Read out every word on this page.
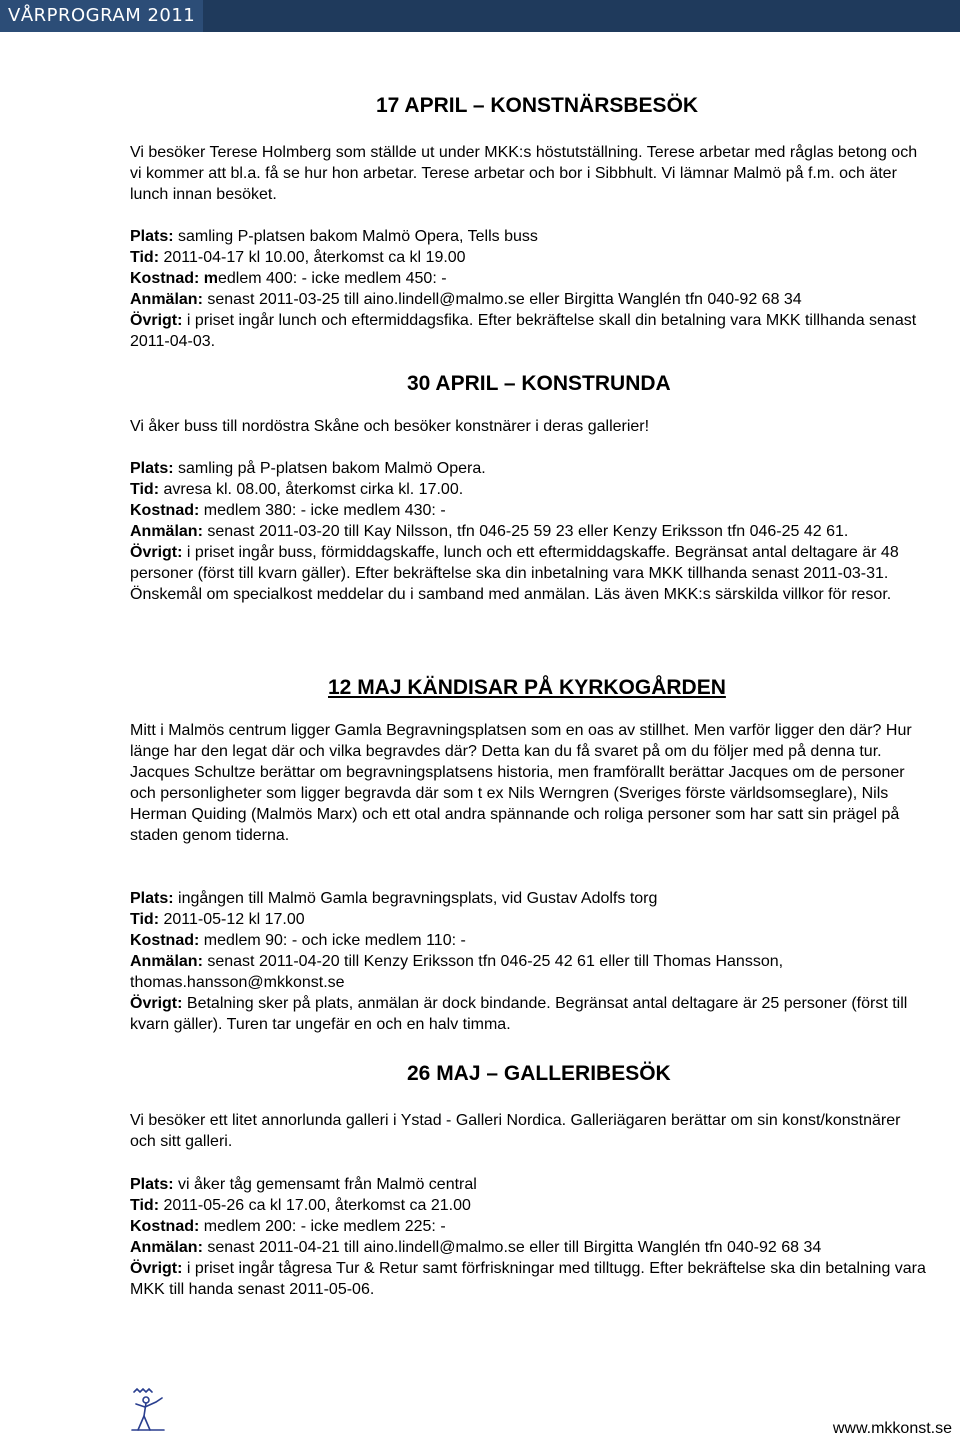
VÅRPROGRAM 2011
17 APRIL – KONSTNÄRSBESÖK

Vi besöker Terese Holmberg som ställde ut under MKK:s höstutställning. Terese arbetar med råglas betong och vi kommer att bl.a. få se hur hon arbetar. Terese arbetar och bor i Sibbhult. Vi lämnar Malmö på f.m. och äter lunch innan besöket.

Plats: samling P-platsen bakom Malmö Opera, Tells buss

Tid: 2011-04-17 kl 10.00, återkomst ca kl 19.00

Kostnad: medlem 400: - icke medlem 450: -

Anmälan: senast 2011-03-25 till aino.lindell@malmo.se eller Birgitta Wanglén tfn 040-92 68 34

Övrigt: i priset ingår lunch och eftermiddagsfika. Efter bekräftelse skall din betalning vara MKK tillhanda senast 2011-04-03.

30 APRIL – KONSTRUNDA

Vi åker buss till nordöstra Skåne och besöker konstnärer i deras gallerier!

Plats: samling på P-platsen bakom Malmö Opera.

Tid: avresa kl. 08.00, återkomst cirka kl. 17.00.

Kostnad: medlem 380: - icke medlem 430: -

Anmälan: senast 2011-03-20 till Kay Nilsson, tfn 046-25 59 23 eller Kenzy Eriksson tfn 046-25 42 61.

Övrigt: i priset ingår buss, förmiddagskaffe, lunch och ett eftermiddagskaffe. Begränsat antal deltagare är 48 personer (först till kvarn gäller). Efter bekräftelse ska din inbetalning vara MKK tillhanda senast 2011-03-31. Önskemål om specialkost meddelar du i samband med anmälan. Läs även MKK:s särskilda villkor för resor.

12 MAJ KÄNDISAR PÅ KYRKOGÅRDEN

Mitt i Malmös centrum ligger Gamla Begravningsplatsen som en oas av stillhet. Men varför ligger den där? Hur länge har den legat där och vilka begravdes där? Detta kan du få svaret på om du följer med på denna tur. Jacques Schultze berättar om begravningsplatsens historia, men framförallt berättar Jacques om de personer och personligheter som ligger begravda där som t ex Nils Werngren (Sveriges förste världsomseglare), Nils Herman Quiding (Malmös Marx) och ett otal andra spännande och roliga personer som har satt sin prägel på staden genom tiderna.

Plats: ingången till Malmö Gamla begravningsplats, vid Gustav Adolfs torg

Tid: 2011-05-12 kl 17.00

Kostnad: medlem 90: - och icke medlem 110: -

Anmälan: senast 2011-04-20 till Kenzy Eriksson tfn 046-25 42 61 eller till Thomas Hansson, thomas.hansson@mkkonst.se

Övrigt: Betalning sker på plats, anmälan är dock bindande. Begränsat antal deltagare är 25 personer (först till kvarn gäller). Turen tar ungefär en och en halv timma.

26 MAJ – GALLERIBESÖK

Vi besöker ett litet annorlunda galleri i Ystad - Galleri Nordica. Galleriägaren berättar om sin konst/konstnärer och sitt galleri.

Plats: vi åker tåg gemensamt från Malmö central

Tid: 2011-05-26 ca kl 17.00, återkomst ca 21.00

Kostnad: medlem 200: - icke medlem 225: -

Anmälan: senast 2011-04-21 till aino.lindell@malmo.se eller till Birgitta Wanglén tfn 040-92 68 34

Övrigt: i priset ingår tågresa Tur & Retur samt förfriskningar med tilltugg. Efter bekräftelse ska din betalning vara MKK till handa senast 2011-05-06.

www.mkkonst.se
